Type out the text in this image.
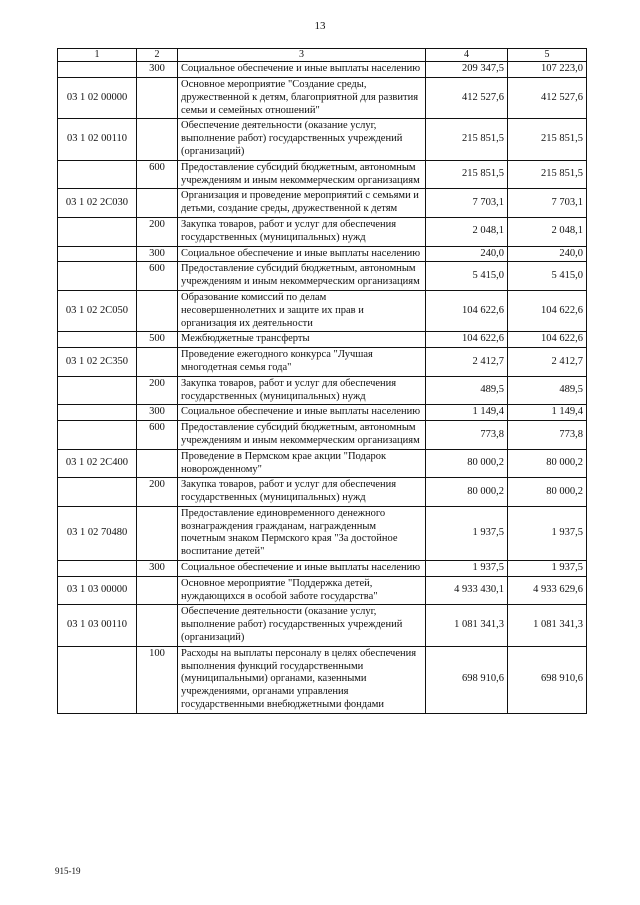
13
1	2	3	4	5
	300	Социальное обеспечение и иные выплаты населению	209 347,5	107 223,0
03 1 02 00000		Основное мероприятие "Создание среды, дружественной к детям, благоприятной для развития семьи и семейных отношений"	412 527,6	412 527,6
03 1 02 00110		Обеспечение деятельности (оказание услуг, выполнение работ) государственных учреждений (организаций)	215 851,5	215 851,5
	600	Предоставление субсидий бюджетным, автономным учреждениям и иным некоммерческим организациям	215 851,5	215 851,5
03 1 02 2С030		Организация и проведение мероприятий с семьями и детьми, создание среды, дружественной к детям	7 703,1	7 703,1
	200	Закупка товаров, работ и услуг для обеспечения государственных (муниципальных) нужд	2 048,1	2 048,1
	300	Социальное обеспечение и иные выплаты населению	240,0	240,0
	600	Предоставление субсидий бюджетным, автономным учреждениям и иным некоммерческим организациям	5 415,0	5 415,0
03 1 02 2С050		Образование комиссий по делам несовершеннолетних и защите их прав и организация их деятельности	104 622,6	104 622,6
	500	Межбюджетные трансферты	104 622,6	104 622,6
03 1 02 2С350		Проведение ежегодного конкурса "Лучшая многодетная семья года"	2 412,7	2 412,7
	200	Закупка товаров, работ и услуг для обеспечения государственных (муниципальных) нужд	489,5	489,5
	300	Социальное обеспечение и иные выплаты населению	1 149,4	1 149,4
	600	Предоставление субсидий бюджетным, автономным учреждениям и иным некоммерческим организациям	773,8	773,8
03 1 02 2С400		Проведение в Пермском крае акции "Подарок новорожденному"	80 000,2	80 000,2
	200	Закупка товаров, работ и услуг для обеспечения государственных (муниципальных) нужд	80 000,2	80 000,2
03 1 02 70480		Предоставление единовременного денежного вознаграждения гражданам, награжденным почетным знаком Пермского края "За достойное воспитание детей"	1 937,5	1 937,5
	300	Социальное обеспечение и иные выплаты населению	1 937,5	1 937,5
03 1 03 00000		Основное мероприятие "Поддержка детей, нуждающихся в особой заботе государства"	4 933 430,1	4 933 629,6
03 1 03 00110		Обеспечение деятельности (оказание услуг, выполнение работ) государственных учреждений (организаций)	1 081 341,3	1 081 341,3
	100	Расходы на выплаты персоналу в целях обеспечения выполнения функций государственными (муниципальными) органами, казенными учреждениями, органами управления государственными внебюджетными фондами	698 910,6	698 910,6
915-19
